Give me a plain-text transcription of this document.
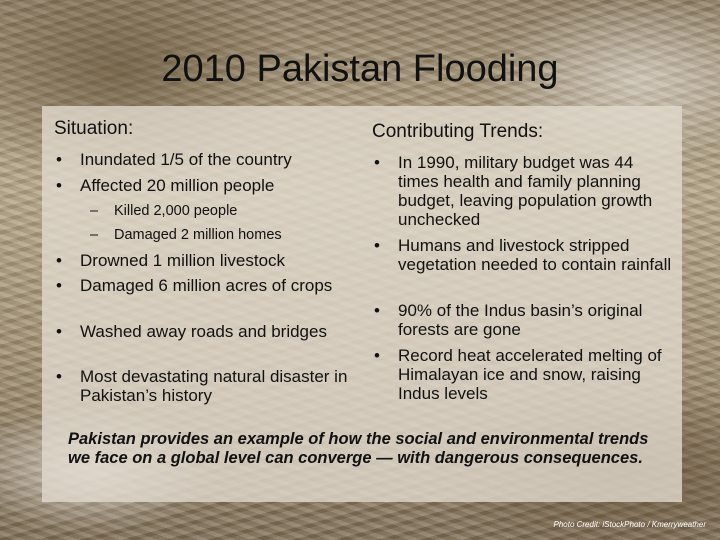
2010 Pakistan Flooding
Situation:
• Inundated 1/5 of the country
• Affected 20 million people
– Killed 2,000 people
– Damaged 2 million homes
• Drowned 1 million livestock
• Damaged 6 million acres of crops
• Washed away roads and bridges
• Most devastating natural disaster in Pakistan’s history
Contributing Trends:
• In 1990, military budget was 44 times health and family planning budget, leaving population growth unchecked
• Humans and livestock stripped vegetation needed to contain rainfall
• 90% of the Indus basin’s original forests are gone
• Record heat accelerated melting of Himalayan ice and snow, raising Indus levels
Pakistan provides an example of how the social and environmental trends we face on a global level can converge — with dangerous consequences.
Photo Credit: iStockPhoto / Kmerryweather
